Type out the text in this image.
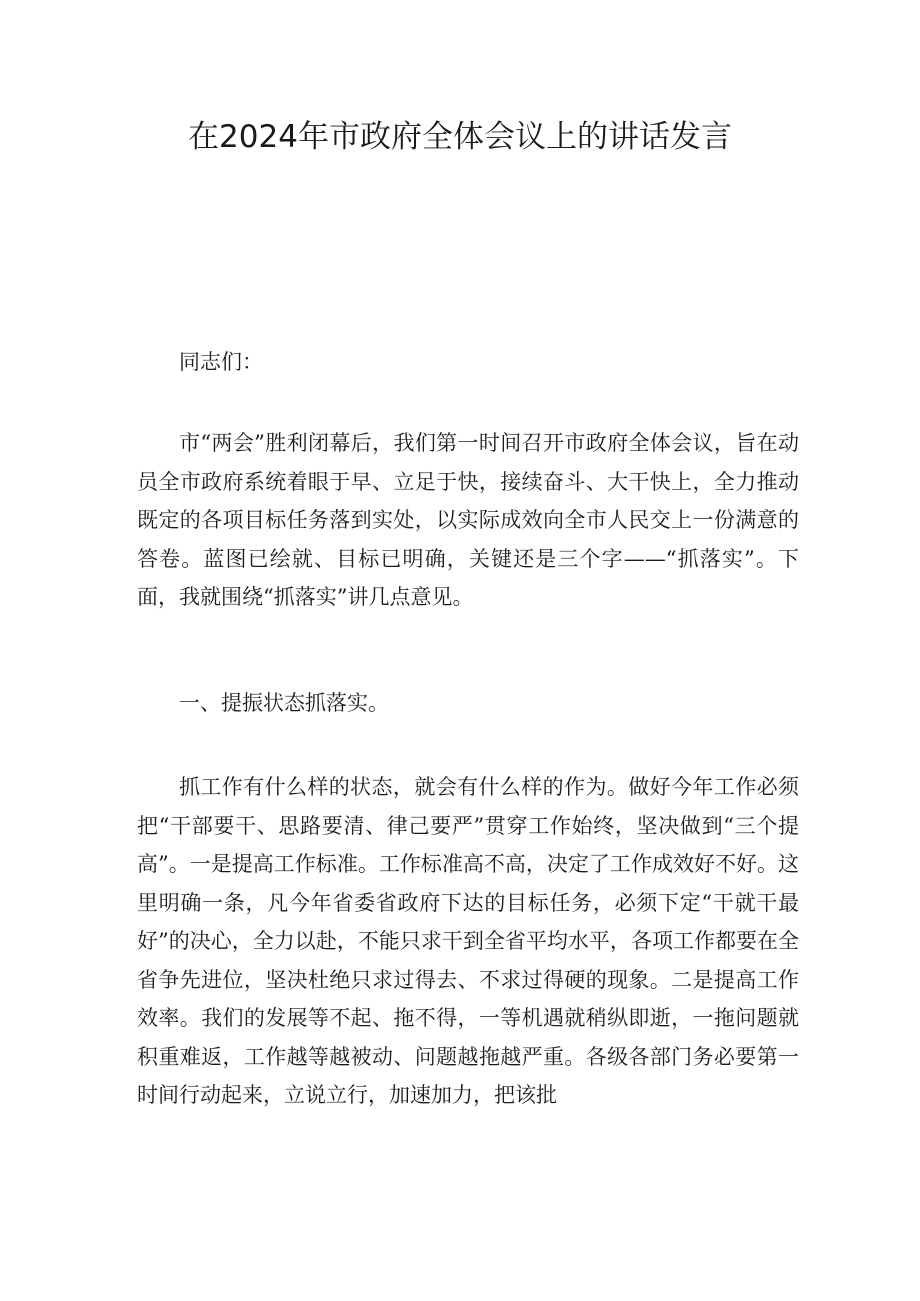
在2024年市政府全体会议上的讲话发言

同志们：

市“两会”胜利闭幕后，我们第一时间召开市政府全体会议，旨在动员全市政府系统着眼于早、立足于快，接续奋斗、大干快上，全力推动既定的各项目标任务落到实处，以实际成效向全市人民交上一份满意的答卷。蓝图已绘就、目标已明确，关键还是三个字——“抓落实”。下面，我就围绕“抓落实”讲几点意见。

一、提振状态抓落实。

抓工作有什么样的状态，就会有什么样的作为。做好今年工作必须把“干部要干、思路要清、律己要严”贯穿工作始终，坚决做到“三个提高”。一是提高工作标准。工作标准高不高，决定了工作成效好不好。这里明确一条，凡今年省委省政府下达的目标任务，必须下定“干就干最好”的决心，全力以赴，不能只求干到全省平均水平，各项工作都要在全省争先进位，坚决杜绝只求过得去、不求过得硬的现象。二是提高工作效率。我们的发展等不起、拖不得，一等机遇就稍纵即逝，一拖问题就积重难返，工作越等越被动、问题越拖越严重。各级各部门务必要第一时间行动起来，立说立行，加速加力，把该批
